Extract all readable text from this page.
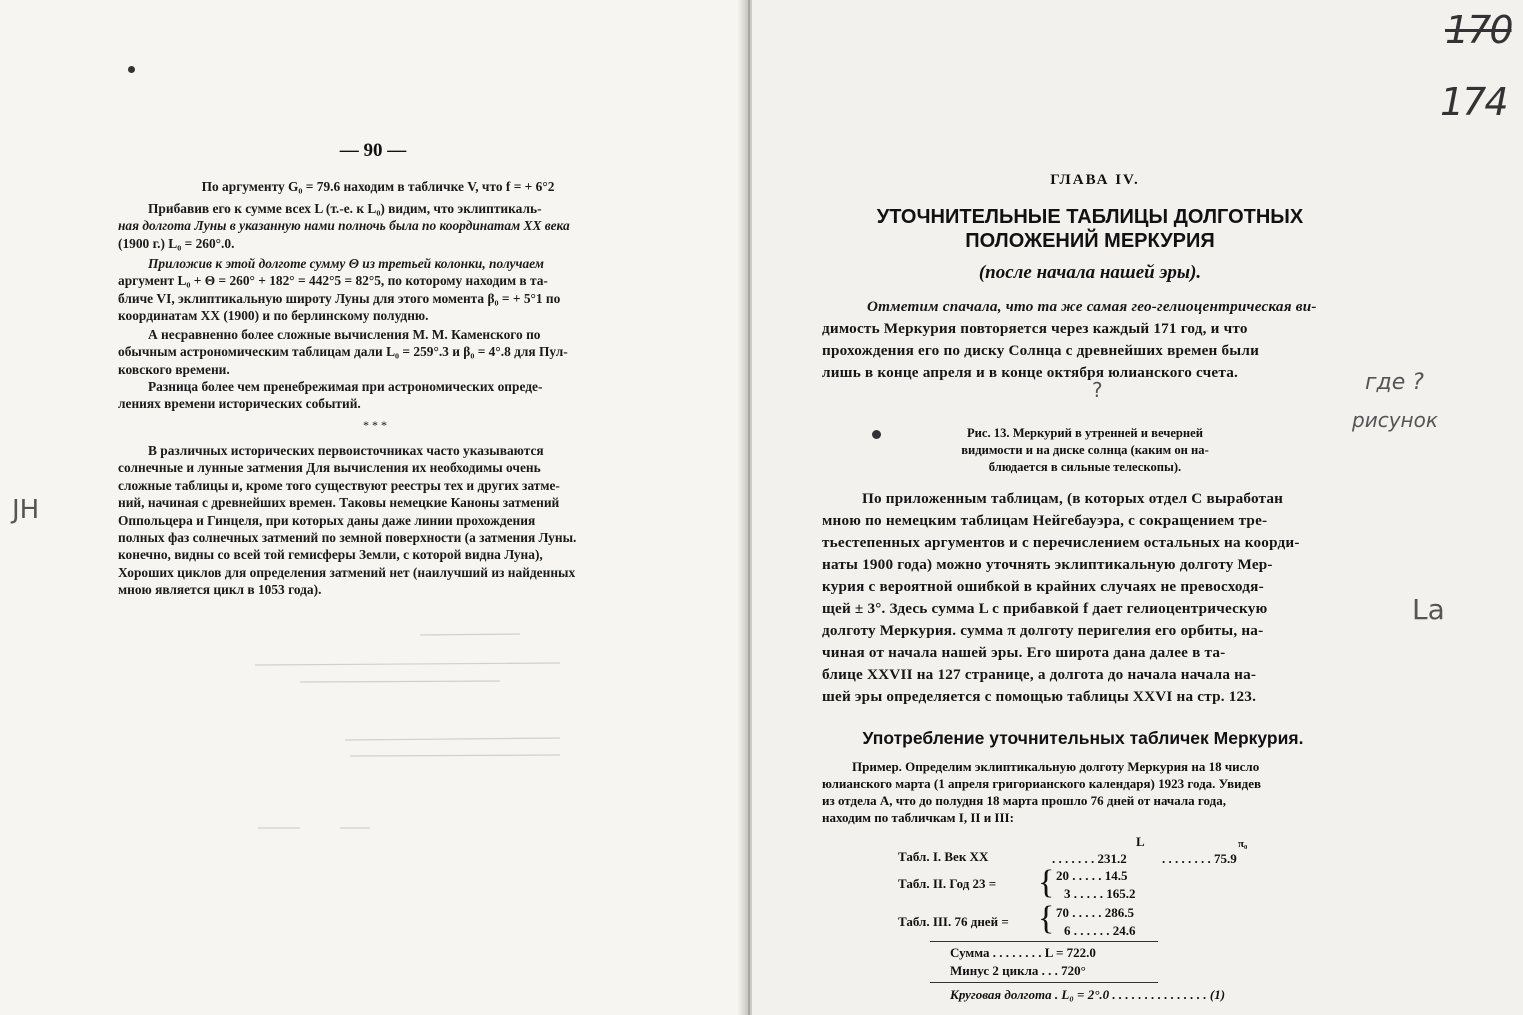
— 90 —

По аргументу G₀ = 79.6 находим в табличке V, что f = + 6°2

Прибавив его к сумме всех L (т.-е. к L₀) видим, что эклиптикаль-
ная долгота Луны в указанную нами полночь была по координатам XX века
(1900 г.) L₀ = 260°.0.
Приложив к этой долготе сумму Θ из третьей колонки, получаем
аргумент L₀ + Θ = 260° + 182° = 442°5 = 82°5, по которому находим в та-
бличе VI, эклиптикальную широту Луны для этого момента β₀ = + 5°1 по
координатам XX (1900) и по берлинскому полудню.
А несравненно более сложные вычисления М. М. Каменского по
обычным астрономическим таблицам дали L₀ = 259°.3 и β₀ = 4°.8 для Пул-
ковского времени.
Разница более чем пренебрежимая при астрономических опреде-
лениях времени исторических событий.
* * *
В различных исторических первоисточниках часто указываются
солнечные и лунные затмения Для вычисления их необходимы очень
сложные таблицы и, кроме того существуют реестры тех и других затме-
ний, начиная с древнейших времен. Таковы немецкие Каноны затмений
Оппольцера и Гинцеля, при которых даны даже линии прохождения
полных фаз солнечных затмений по земной поверхности (а затмения Луны.
конечно, видны со всей той гемисферы Земли, с которой видна Луна),
Хороших циклов для определения затмений нет (наилучший из найденных
мною является цикл в 1053 года).
JH
170
174
ГЛАВА IV.
УТОЧНИТЕЛЬНЫЕ ТАБЛИЦЫ ДОЛГОТНЫХ
ПОЛОЖЕНИЙ МЕРКУРИЯ
(после начала нашей эры).
Отметим спачала, что та же самая гео-гелиоцентрическая ви-
димость Меркурия повторяется через каждый 171 год, и что
прохождения его по диску Солнца с древнейших времен были
лишь в конце апреля и в конце октября юлианского счета.
Рис. 13. Меркурий в утренней и вечерней
видимости и на диске солнца (каким он на-
блюдается в сильные телескопы).
По приложенным таблицам, (в которых отдел С выработан
мною по немецким таблицам Нейгебауэра, с сокращением тре-
тьестепенных аргументов и с перечислением остальных на коорди-
наты 1900 года) можно уточнять эклиптикальную долготу Мер-
курия с вероятной ошибкой в крайних случаях не превосходя-
щей ± 3°. Здесь сумма L с прибавкой f дает гелиоцентрическую
долготу Меркурия. сумма π долготу перигелия его орбиты, на-
чиная от начала нашей эры. Его широта дана далее в та-
блице XXVII на 127 странице, а долгота до начала начала на-
шей эры определяется с помощью таблицы XXVI на стр. 123.
Употребление уточнительных табличек Меркурия.
Пример. Определим эклиптикальную долготу Меркурия на 18 число
юлианского марта (1 апреля григорианского календаря) 1923 года. Увидев
из отдела А, что до полудня 18 марта прошло 76 дней от начала года,
находим по табличкам I, II и III:
L	π₀
Табл. I. Век XX	. . . . . . . 231.2	. . . . . . . . 75.9
Табл. II. Год 23 = { 20 . . . . . 14.5
3 . . . . . 165.2
Табл. III. 76 дней = { 70 . . . . . 286.5
6 . . . . . . 24.6
Сумма . . . . . . . . L = 722.0
Минус 2 цикла . . . 720°
Круговая долгота . L₀ = 2°.0 . . . . . . . . . . . . . . . (1)
где ?
рисунок
?
La
